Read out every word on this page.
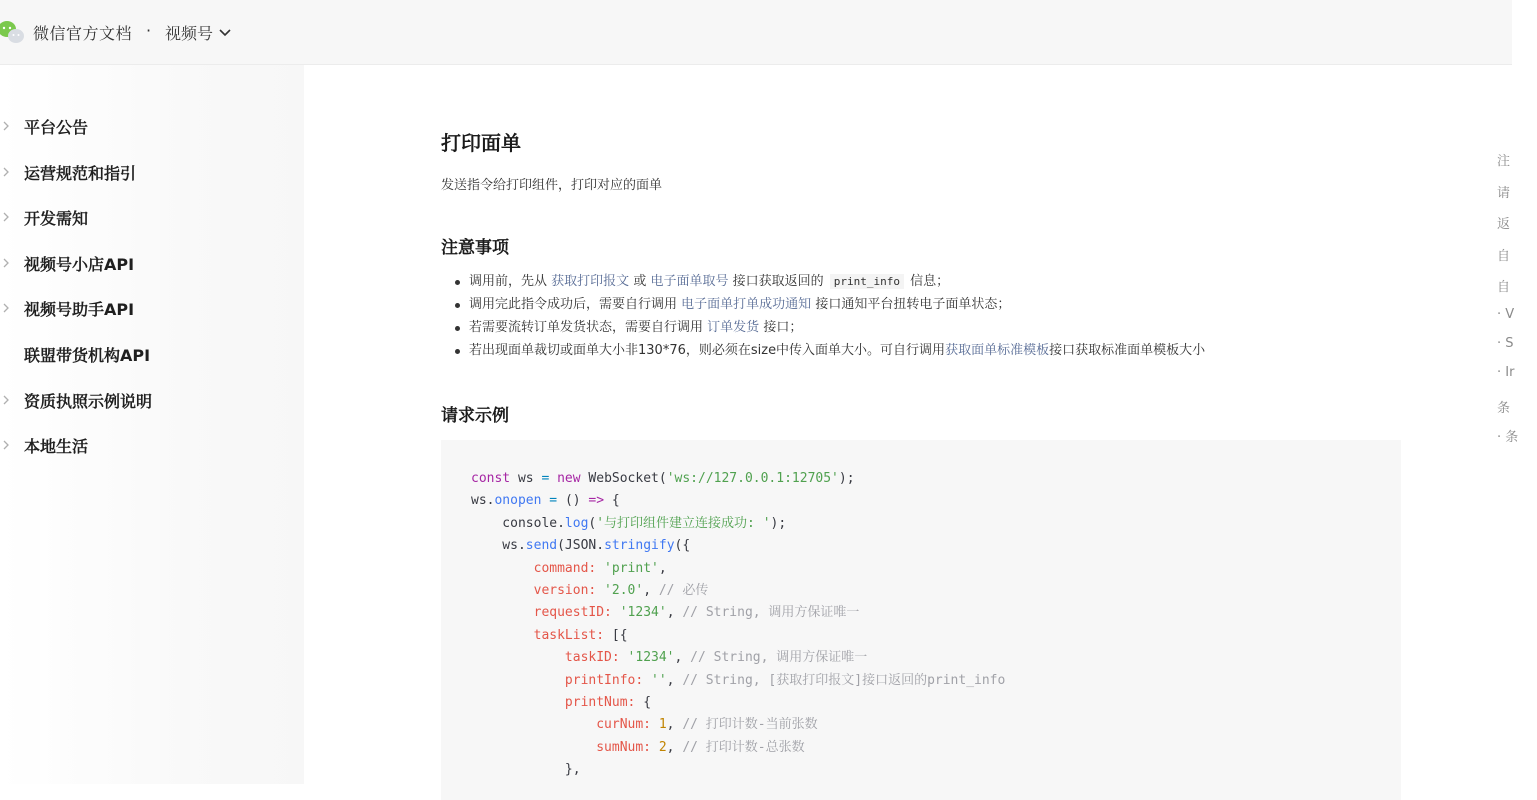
微信官方文档 · 视频号
平台公告
运营规范和指引
开发需知
视频号小店API
视频号助手API
联盟带货机构API
资质执照示例说明
本地生活
打印面单
发送指令给打印组件，打印对应的面单
注意事项
调用前，先从 获取打印报文 或 电子面单取号 接口获取返回的 print_info 信息；
调用完此指令成功后，需要自行调用 电子面单打单成功通知 接口通知平台扭转电子面单状态；
若需要流转订单发货状态，需要自行调用 订单发货 接口；
若出现面单裁切或面单大小非130*76，则必须在size中传入面单大小。可自行调用获取面单标准模板接口获取标准面单模板大小
请求示例
const ws = new WebSocket('ws://127.0.0.1:12705');
ws.onopen = () => {
console.log('与打印组件建立连接成功: ');
ws.send(JSON.stringify({
command: 'print',
version: '2.0', // 必传
requestID: '1234', // String, 调用方保证唯一
taskList: [{
taskID: '1234', // String, 调用方保证唯一
printInfo: '', // String, [获取打印报文]接口返回的print_info
printNum: {
curNum: 1, // 打印计数-当前张数
sumNum: 2, // 打印计数-总张数
},
注
请
返
自
自
· V
· S
· Ir
条
· 条
